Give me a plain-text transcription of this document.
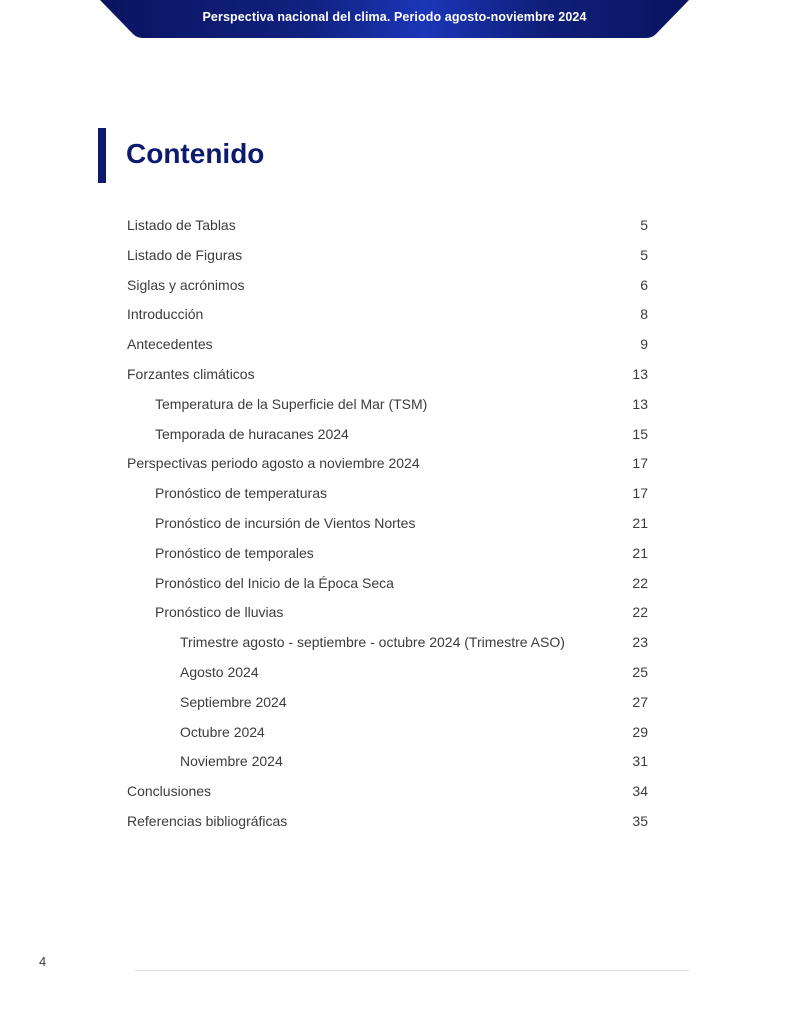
Perspectiva nacional del clima. Periodo agosto-noviembre 2024
Contenido
Listado de Tablas	5
Listado de Figuras	5
Siglas y acrónimos	6
Introducción	8
Antecedentes	9
Forzantes climáticos	13
Temperatura de la Superficie del Mar (TSM)	13
Temporada de huracanes 2024	15
Perspectivas periodo agosto a noviembre 2024	17
Pronóstico de temperaturas	17
Pronóstico de incursión de Vientos Nortes	21
Pronóstico de temporales	21
Pronóstico del Inicio de la Época Seca	22
Pronóstico de lluvias	22
Trimestre agosto - septiembre - octubre 2024 (Trimestre ASO)	23
Agosto 2024	25
Septiembre 2024	27
Octubre 2024	29
Noviembre 2024	31
Conclusiones	34
Referencias bibliográficas	35
4
